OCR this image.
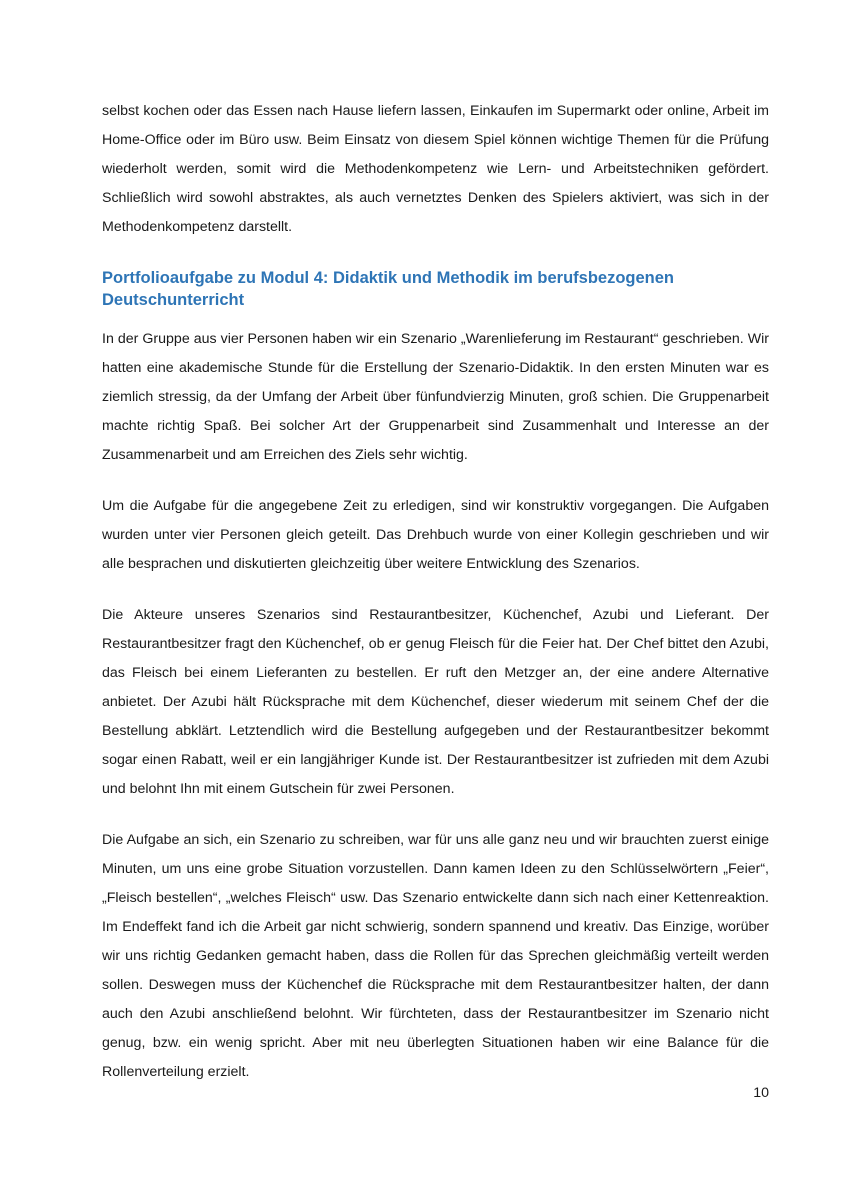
selbst kochen oder das Essen nach Hause liefern lassen, Einkaufen im Supermarkt oder online, Arbeit im Home-Office oder im Büro usw. Beim Einsatz von diesem Spiel können wichtige Themen für die Prüfung wiederholt werden, somit wird die Methodenkompetenz wie Lern- und Arbeitstechniken gefördert. Schließlich wird sowohl abstraktes, als auch vernetztes Denken des Spielers aktiviert, was sich in der Methodenkompetenz darstellt.

Portfolioaufgabe zu Modul 4: Didaktik und Methodik im berufsbezogenen Deutschunterricht

In der Gruppe aus vier Personen haben wir ein Szenario „Warenlieferung im Restaurant“ geschrieben. Wir hatten eine akademische Stunde für die Erstellung der Szenario-Didaktik. In den ersten Minuten war es ziemlich stressig, da der Umfang der Arbeit über fünfundvierzig Minuten, groß schien. Die Gruppenarbeit machte richtig Spaß. Bei solcher Art der Gruppenarbeit sind Zusammenhalt und Interesse an der Zusammenarbeit und am Erreichen des Ziels sehr wichtig.

Um die Aufgabe für die angegebene Zeit zu erledigen, sind wir konstruktiv vorgegangen. Die Aufgaben wurden unter vier Personen gleich geteilt. Das Drehbuch wurde von einer Kollegin geschrieben und wir alle besprachen und diskutierten gleichzeitig über weitere Entwicklung des Szenarios.

Die Akteure unseres Szenarios sind Restaurantbesitzer, Küchenchef, Azubi und Lieferant. Der Restaurantbesitzer fragt den Küchenchef, ob er genug Fleisch für die Feier hat. Der Chef bittet den Azubi, das Fleisch bei einem Lieferanten zu bestellen. Er ruft den Metzger an, der eine andere Alternative anbietet. Der Azubi hält Rücksprache mit dem Küchenchef, dieser wiederum mit seinem Chef der die Bestellung abklärt. Letztendlich wird die Bestellung aufgegeben und der Restaurantbesitzer bekommt sogar einen Rabatt, weil er ein langjähriger Kunde ist. Der Restaurantbesitzer ist zufrieden mit dem Azubi und belohnt Ihn mit einem Gutschein für zwei Personen.

Die Aufgabe an sich, ein Szenario zu schreiben, war für uns alle ganz neu und wir brauchten zuerst einige Minuten, um uns eine grobe Situation vorzustellen. Dann kamen Ideen zu den Schlüsselwörtern „Feier“, „Fleisch bestellen“, „welches Fleisch“ usw. Das Szenario entwickelte dann sich nach einer Kettenreaktion. Im Endeffekt fand ich die Arbeit gar nicht schwierig, sondern spannend und kreativ. Das Einzige, worüber wir uns richtig Gedanken gemacht haben, dass die Rollen für das Sprechen gleichmäßig verteilt werden sollen. Deswegen muss der Küchenchef die Rücksprache mit dem Restaurantbesitzer halten, der dann auch den Azubi anschließend belohnt. Wir fürchteten, dass der Restaurantbesitzer im Szenario nicht genug, bzw. ein wenig spricht. Aber mit neu überlegten Situationen haben wir eine Balance für die Rollenverteilung erzielt.

10
